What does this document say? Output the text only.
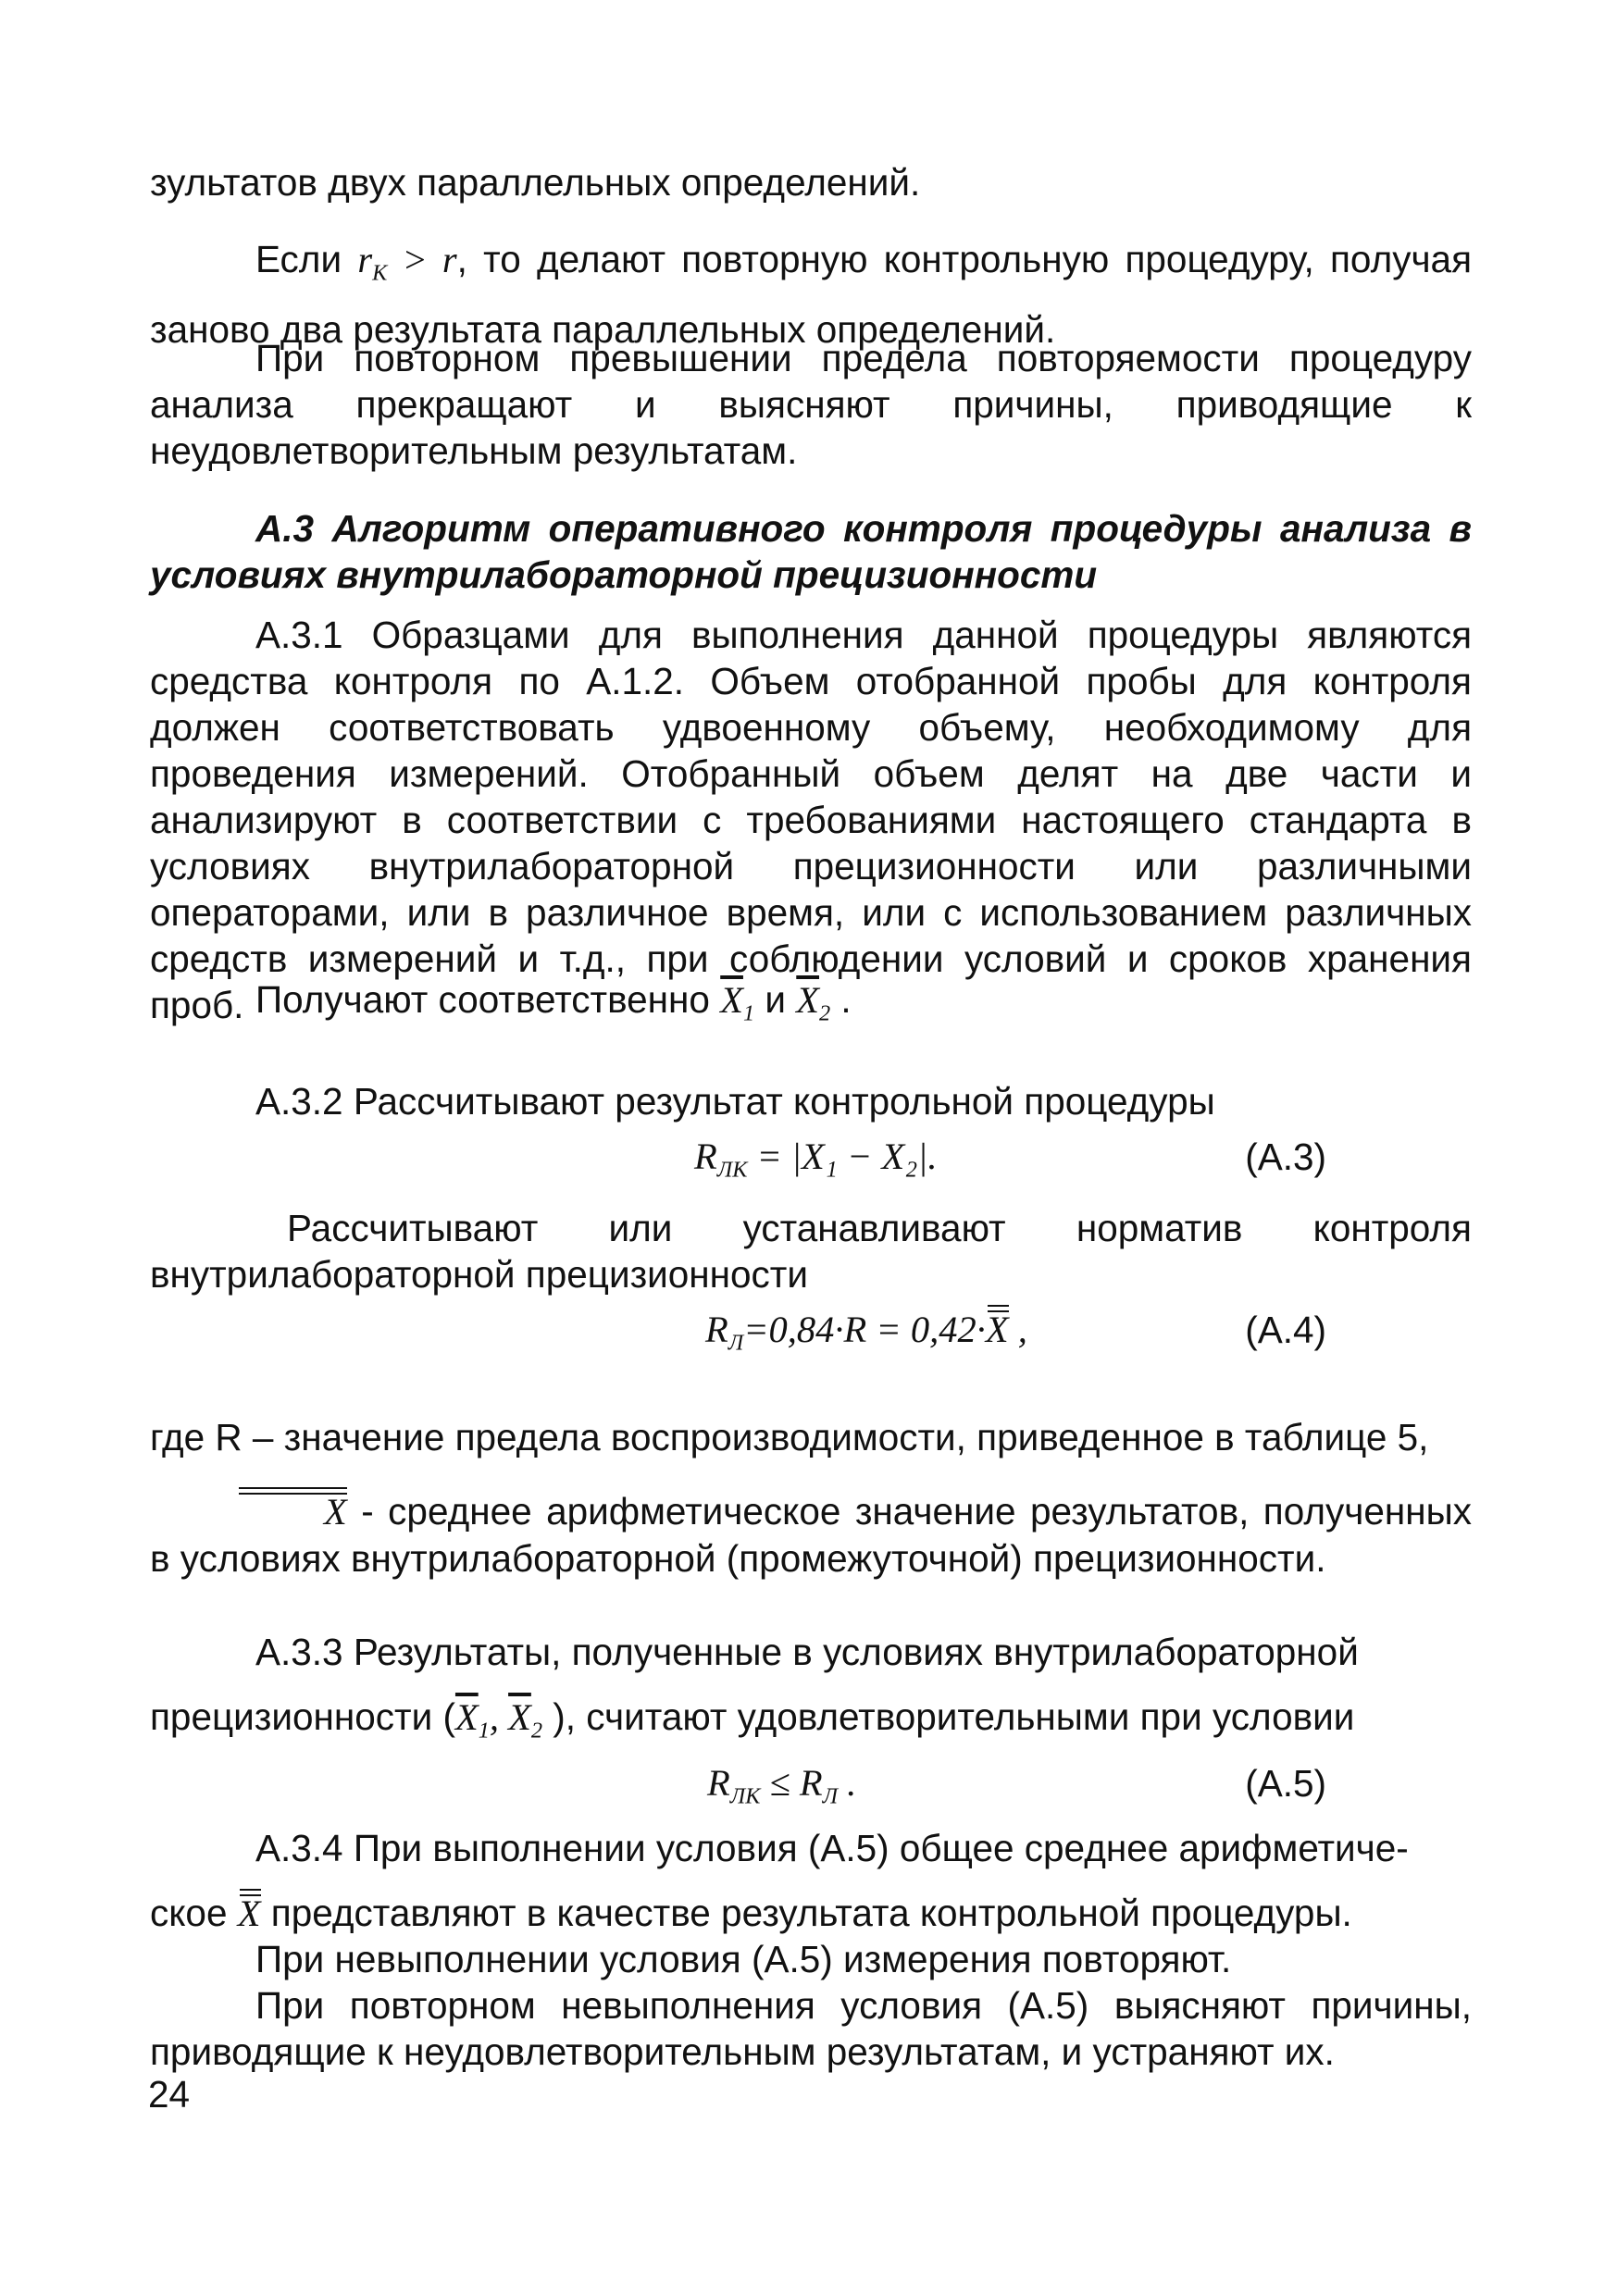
зультатов двух параллельных определений.

Если $r_K > r$, то делают повторную контрольную процедуру, получая заново два результата параллельных определений.

При повторном превышении предела повторяемости процедуру анализа прекращают и выясняют причины, приводящие к неудовлетворительным результатам.

А.3 Алгоритм оперативного контроля процедуры анализа в условиях внутрилабораторной прецизионности

А.3.1 Образцами для выполнения данной процедуры являются средства контроля по А.1.2. Объем отобранной пробы для контроля должен соответствовать удвоенному объему, необходимому для проведения измерений. Отобранный объем делят на две части и анализируют в соответствии с требованиями настоящего стандарта в условиях внутрилабораторной прецизионности или различными операторами, или в различное время, или с использованием различных средств измерений и т.д., при соблюдении условий и сроков хранения проб. Получают соответственно $\overline{X}_1$ и $\overline{X}_2$ .

А.3.2 Рассчитывают результат контрольной процедуры

$R_{ЛК} = |X_1 - X_2|$.	(А.3)

Рассчитывают или устанавливают норматив контроля внутрилабораторной прецизионности

$R_Л=0,84\cdot R = 0,42\cdot X$ ,	(А.4)

где R – значение предела воспроизводимости, приведенное в таблице 5,

X - среднее арифметическое значение результатов, полученных в условиях внутрилабораторной (промежуточной) прецизионности.

А.3.3 Результаты, полученные в условиях внутрилабораторной

прецизионности ($\overline{X}_1$, $\overline{X}_2$ ), считают удовлетворительными при условии

$R_{ЛК} \le R_Л$ .	(А.5)

А.3.4 При выполнении условия (А.5) общее среднее арифметиче-

ское X представляют в качестве результата контрольной процедуры.

При невыполнении условия (А.5) измерения повторяют.

При повторном невыполнения условия (А.5) выясняют причины, приводящие к неудовлетворительным результатам, и устраняют их.

24
